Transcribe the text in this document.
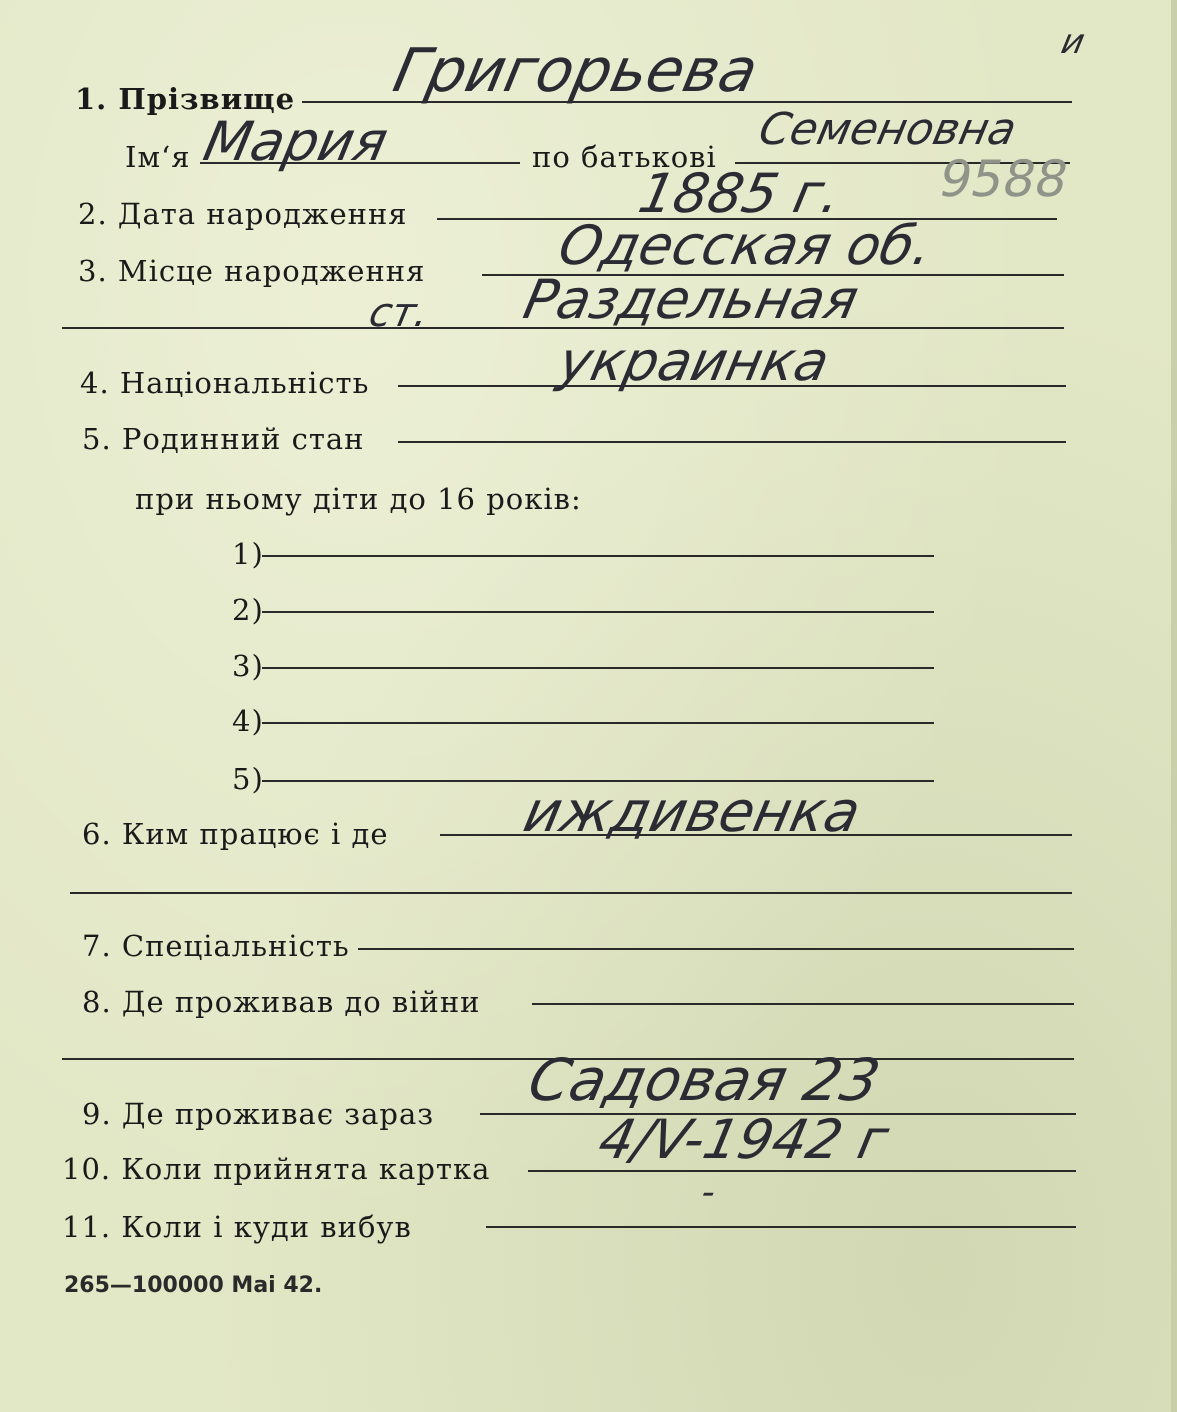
1. Прізвище Григорьева	и
Ім‘я Мария	по батькові
Семеновна
2. Дата народження	1885 г. 9588
3. Місце народження Одесская об.
ст. Раздельная
4. Національність	украинка
5. Родинний стан
при ньому діти до 16 років:
1)
2)
3)
4)
5)
6. Ким працює і де иждивенка
7. Спеціальність
8. Де проживав до війни
9. Де проживає зараз Садовая 23
10. Коли прийнята картка 4/V-1942 г
11. Коли і куди вибув
-
265—100000 Маі 42.
